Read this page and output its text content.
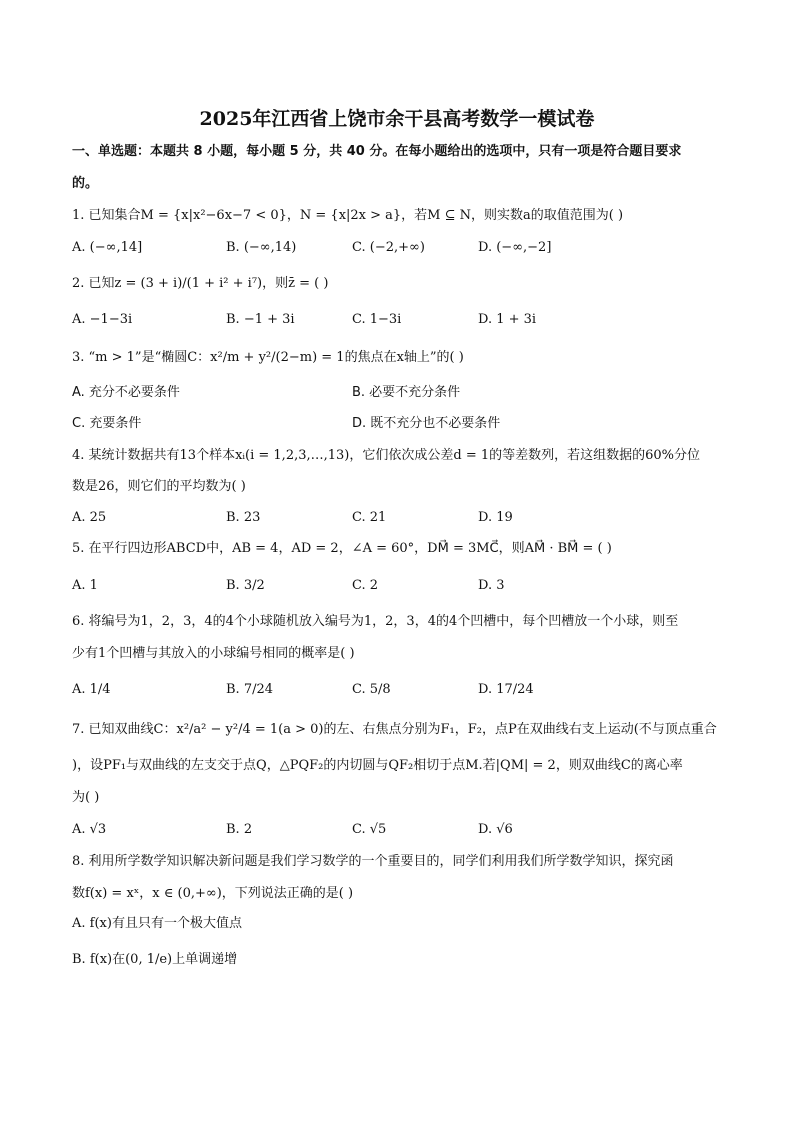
2025年江西省上饶市余干县高考数学一模试卷
一、单选题：本题共 8 小题，每小题 5 分，共 40 分。在每小题给出的选项中，只有一项是符合题目要求
的。
1. 已知集合M = {x|x²−6x−7 < 0}，N = {x|2x > a}，若M ⊆ N，则实数a的取值范围为( )
A. (−∞,14]	B. (−∞,14)	C. (−2,+∞)	D. (−∞,−2]
2. 已知z = (3 + i)/(1 + i² + i⁷)，则z̄ = ( )
A. −1−3i	B. −1 + 3i	C. 1−3i	D. 1 + 3i
3. “m > 1”是“椭圆C：x²/m + y²/(2−m) = 1的焦点在x轴上”的( )
A. 充分不必要条件	B. 必要不充分条件
C. 充要条件	D. 既不充分也不必要条件
4. 某统计数据共有13个样本xᵢ(i = 1,2,3,…,13)，它们依次成公差d = 1的等差数列，若这组数据的60%分位
数是26，则它们的平均数为( )
A. 25	B. 23	C. 21	D. 19
5. 在平行四边形ABCD中，AB = 4，AD = 2，∠A = 60°，DM⃗ = 3MC⃗，则AM⃗ · BM⃗ = ( )
A. 1	B. 3/2	C. 2	D. 3
6. 将编号为1，2，3，4的4个小球随机放入编号为1，2，3，4的4个凹槽中，每个凹槽放一个小球，则至
少有1个凹槽与其放入的小球编号相同的概率是( )
A. 1/4	B. 7/24	C. 5/8	D. 17/24
7. 已知双曲线C：x²/a² − y²/4 = 1(a > 0)的左、右焦点分别为F₁，F₂，点P在双曲线右支上运动(不与顶点重合
)，设PF₁与双曲线的左支交于点Q，△PQF₂的内切圆与QF₂相切于点M.若|QM| = 2，则双曲线C的离心率
为( )
A. √3	B. 2	C. √5	D. √6
8. 利用所学数学知识解决新问题是我们学习数学的一个重要目的，同学们利用我们所学数学知识，探究函
数f(x) = xˣ，x ∈ (0,+∞)，下列说法正确的是( )
A. f(x)有且只有一个极大值点
B. f(x)在(0, 1/e)上单调递增
